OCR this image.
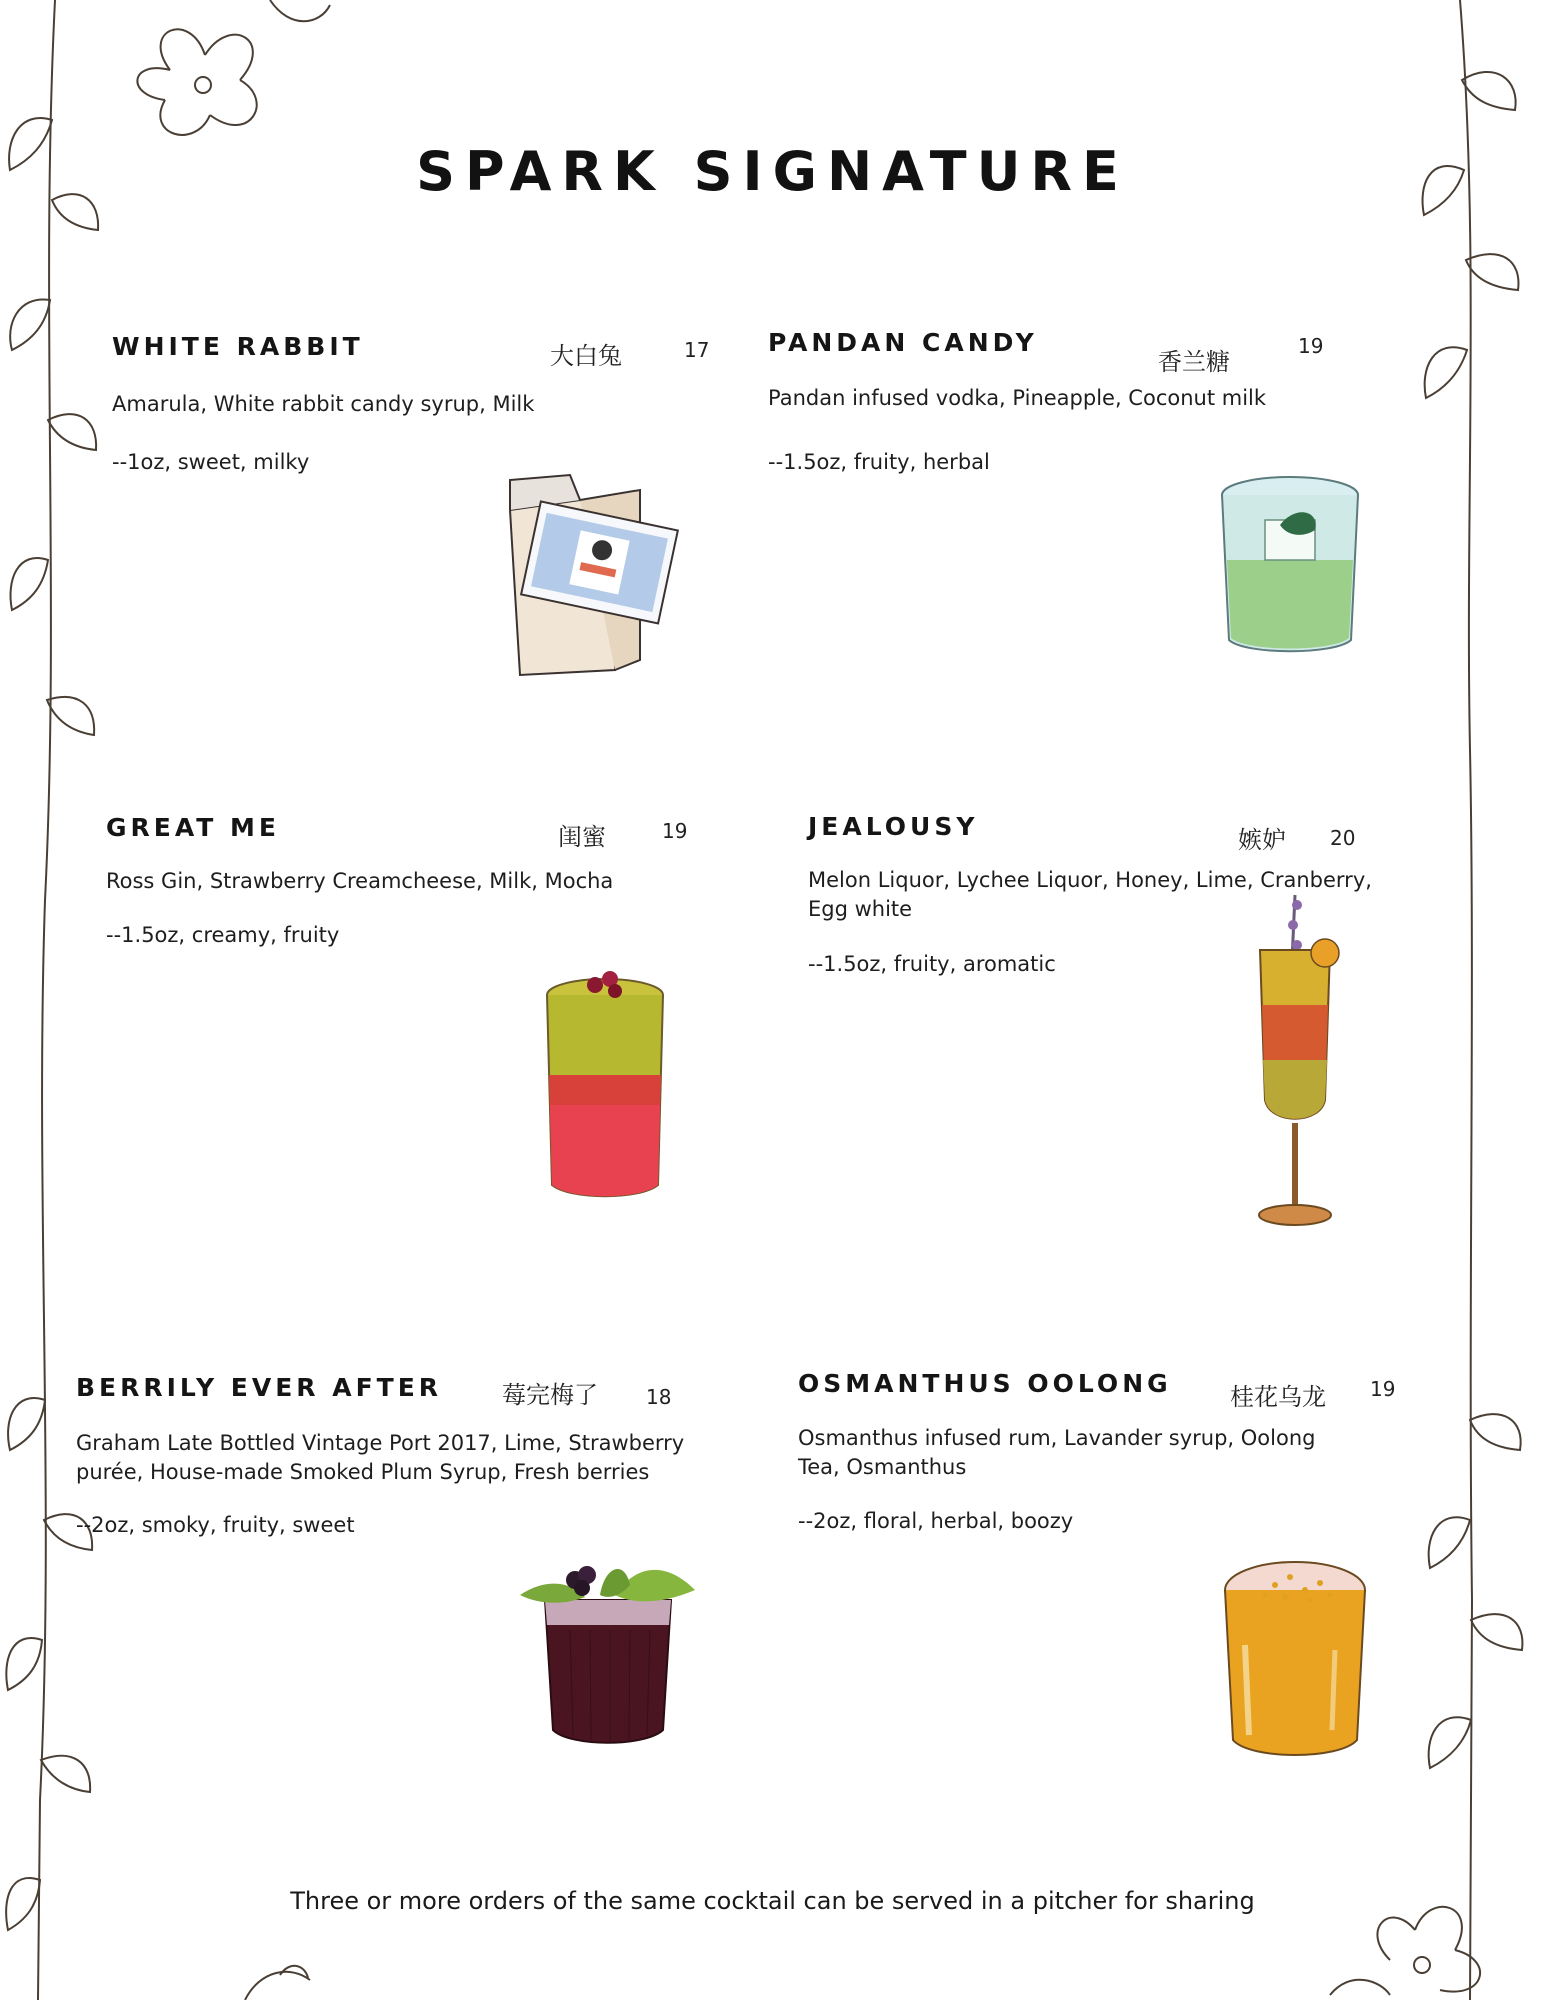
SPARK SIGNATURE
WHITE RABBIT	大白兔	17
Amarula, White rabbit candy syrup, Milk
--1oz, sweet, milky
PANDAN CANDY
香兰糖
19
Pandan infused vodka, Pineapple, Coconut milk
--1.5oz, fruity, herbal
GREAT ME	闺蜜	19
Ross Gin, Strawberry Creamcheese, Milk, Mocha
--1.5oz, creamy, fruity
JEALOUSY	嫉妒 20
Melon Liquor, Lychee Liquor, Honey, Lime, Cranberry, Egg white
--1.5oz, fruity, aromatic
BERRILY EVER AFTER 莓完梅了 18
Graham Late Bottled Vintage Port 2017, Lime, Strawberry purée, House-made Smoked Plum Syrup, Fresh berries
--2oz, smoky, fruity, sweet
OSMANTHUS OOLONG 桂花乌龙 19
Osmanthus infused rum, Lavander syrup, Oolong Tea, Osmanthus
--2oz, floral, herbal, boozy
Three or more orders of the same cocktail can be served in a pitcher for sharing
